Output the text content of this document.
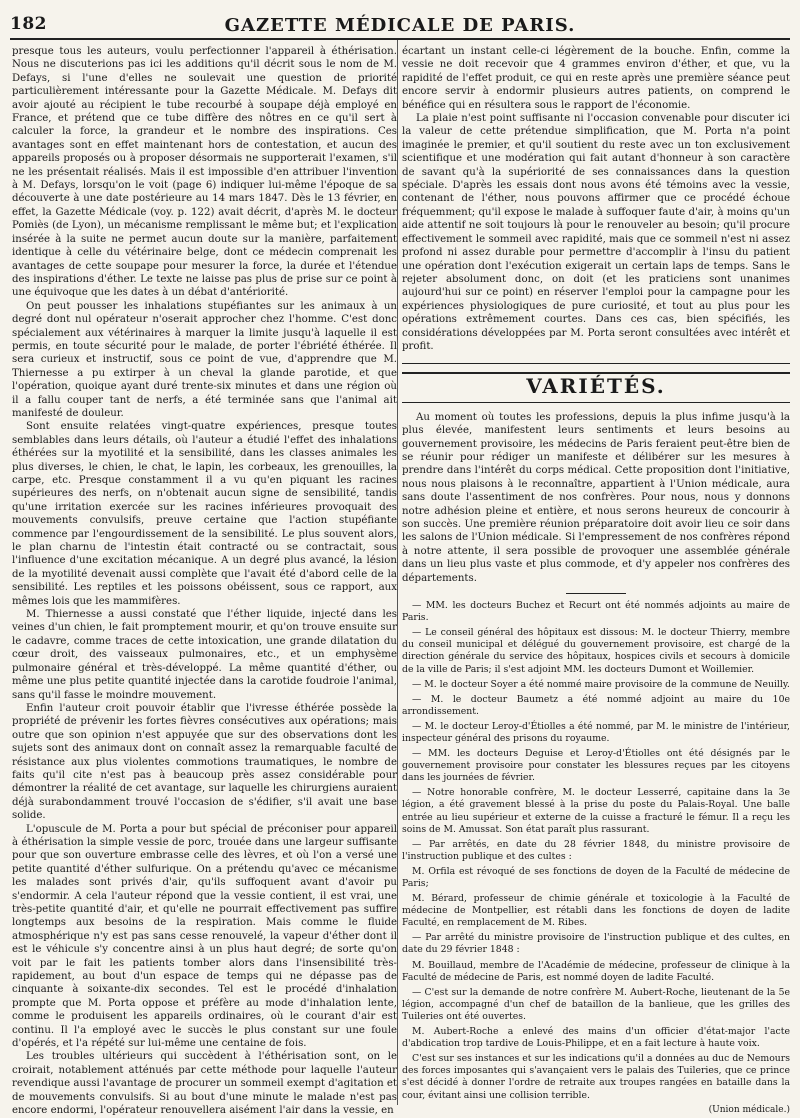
182	GAZETTE MÉDICALE DE PARIS.

presque tous les auteurs, voulu perfectionner l'appareil à éthérisation. Nous ne discuterions pas ici les additions qu'il décrit sous le nom de M. Defays, si l'une d'elles ne soulevait une question de priorité particulièrement intéressante pour la Gazette Médicale. M. Defays dit avoir ajouté au récipient le tube recourbé à soupape déjà employé en France, et prétend que ce tube diffère des nôtres en ce qu'il sert à calculer la force, la grandeur et le nombre des inspirations. Ces avantages sont en effet maintenant hors de contestation, et aucun des appareils proposés ou à proposer désormais ne supporterait l'examen, s'il ne les présentait réalisés. Mais il est impossible d'en attribuer l'invention à M. Defays, lorsqu'on le voit (page 6) indiquer lui-même l'époque de sa découverte à une date postérieure au 14 mars 1847. Dès le 13 février, en effet, la Gazette Médicale (voy. p. 122) avait décrit, d'après M. le docteur Pomiès (de Lyon), un mécanisme remplissant le même but; et l'explication insérée à la suite ne permet aucun doute sur la manière, parfaitement identique à celle du vétérinaire belge, dont ce médecin comprenait les avantages de cette soupape pour mesurer la force, la durée et l'étendue des inspirations d'éther. Le texte ne laisse pas plus de prise sur ce point à une équivoque que les dates à un débat d'antériorité.

On peut pousser les inhalations stupéfiantes sur les animaux à un degré dont nul opérateur n'oserait approcher chez l'homme. C'est donc spécialement aux vétérinaires à marquer la limite jusqu'à laquelle il est permis, en toute sécurité pour le malade, de porter l'ébriété éthérée. Il sera curieux et instructif, sous ce point de vue, d'apprendre que M. Thiernesse a pu extirper à un cheval la glande parotide, et que l'opération, quoique ayant duré trente-six minutes et dans une région où il a fallu couper tant de nerfs, a été terminée sans que l'animal ait manifesté de douleur.

Sont ensuite relatées vingt-quatre expériences, presque toutes semblables dans leurs détails, où l'auteur a étudié l'effet des inhalations éthérées sur la myotilité et la sensibilité, dans les classes animales les plus diverses, le chien, le chat, le lapin, les corbeaux, les grenouilles, la carpe, etc. Presque constamment il a vu qu'en piquant les racines supérieures des nerfs, on n'obtenait aucun signe de sensibilité, tandis qu'une irritation exercée sur les racines inférieures provoquait des mouvements convulsifs, preuve certaine que l'action stupéfiante commence par l'engourdissement de la sensibilité. Le plus souvent alors, le plan charnu de l'intestin était contracté ou se contractait, sous l'influence d'une excitation mécanique. A un degré plus avancé, la lésion de la myotilité devenait aussi complète que l'avait été d'abord celle de la sensibilité. Les reptiles et les poissons obéissent, sous ce rapport, aux mêmes lois que les mammifères.

M. Thiernesse a aussi constaté que l'éther liquide, injecté dans les veines d'un chien, le fait promptement mourir, et qu'on trouve ensuite sur le cadavre, comme traces de cette intoxication, une grande dilatation du cœur droit, des vaisseaux pulmonaires, etc., et un emphysème pulmonaire général et très-développé. La même quantité d'éther, ou même une plus petite quantité injectée dans la carotide foudroie l'animal, sans qu'il fasse le moindre mouvement.

Enfin l'auteur croit pouvoir établir que l'ivresse éthérée possède la propriété de prévenir les fortes fièvres consécutives aux opérations; mais outre que son opinion n'est appuyée que sur des observations dont les sujets sont des animaux dont on connaît assez la remarquable faculté de résistance aux plus violentes commotions traumatiques, le nombre de faits qu'il cite n'est pas à beaucoup près assez considérable pour démontrer la réalité de cet avantage, sur laquelle les chirurgiens auraient déjà surabondamment trouvé l'occasion de s'édifier, s'il avait une base solide.

L'opuscule de M. Porta a pour but spécial de préconiser pour appareil à éthérisation la simple vessie de porc, trouée dans une largeur suffisante pour que son ouverture embrasse celle des lèvres, et où l'on a versé une petite quantité d'éther sulfurique. On a prétendu qu'avec ce mécanisme les malades sont privés d'air, qu'ils suffoquent avant d'avoir pu s'endormir. A cela l'auteur répond que la vessie contient, il est vrai, une très-petite quantité d'air, et qu'elle ne pourrait effectivement pas suffire longtemps aux besoins de la respiration. Mais comme le fluide atmosphérique n'y est pas sans cesse renouvelé, la vapeur d'éther dont il est le véhicule s'y concentre ainsi à un plus haut degré; de sorte qu'on voit par le fait les patients tomber alors dans l'insensibilité très-rapidement, au bout d'un espace de temps qui ne dépasse pas de cinquante à soixante-dix secondes. Tel est le procédé d'inhalation prompte que M. Porta oppose et préfère au mode d'inhalation lente, comme le produisent les appareils ordinaires, où le courant d'air est continu. Il l'a employé avec le succès le plus constant sur une foule d'opérés, et l'a répété sur lui-même une centaine de fois.

Les troubles ultérieurs qui succèdent à l'éthérisation sont, on le croirait, notablement atténués par cette méthode pour laquelle l'auteur revendique aussi l'avantage de procurer un sommeil exempt d'agitation et de mouvements convulsifs. Si au bout d'une minute le malade n'est pas encore endormi, l'opérateur renouvellera aisément l'air dans la vessie, en

écartant un instant celle-ci légèrement de la bouche. Enfin, comme la vessie ne doit recevoir que 4 grammes environ d'éther, et que, vu la rapidité de l'effet produit, ce qui en reste après une première séance peut encore servir à endormir plusieurs autres patients, on comprend le bénéfice qui en résultera sous le rapport de l'économie.

La plaie n'est point suffisante ni l'occasion convenable pour discuter ici la valeur de cette prétendue simplification, que M. Porta n'a point imaginée le premier, et qu'il soutient du reste avec un ton exclusivement scientifique et une modération qui fait autant d'honneur à son caractère de savant qu'à la supériorité de ses connaissances dans la question spéciale. D'après les essais dont nous avons été témoins avec la vessie, contenant de l'éther, nous pouvons affirmer que ce procédé échoue fréquemment; qu'il expose le malade à suffoquer faute d'air, à moins qu'un aide attentif ne soit toujours là pour le renouveler au besoin; qu'il procure effectivement le sommeil avec rapidité, mais que ce sommeil n'est ni assez profond ni assez durable pour permettre d'accomplir à l'insu du patient une opération dont l'exécution exigerait un certain laps de temps. Sans le rejeter absolument donc, on doit (et les praticiens sont unanimes aujourd'hui sur ce point) en réserver l'emploi pour la campagne pour les expériences physiologiques de pure curiosité, et tout au plus pour les opérations extrêmement courtes. Dans ces cas, bien spécifiés, les considérations développées par M. Porta seront consultées avec intérêt et profit.

VARIÉTÉS.

Au moment où toutes les professions, depuis la plus infime jusqu'à la plus élevée, manifestent leurs sentiments et leurs besoins au gouvernement provisoire, les médecins de Paris feraient peut-être bien de se réunir pour rédiger un manifeste et délibérer sur les mesures à prendre dans l'intérêt du corps médical. Cette proposition dont l'initiative, nous nous plaisons à le reconnaître, appartient à l'Union médicale, aura sans doute l'assentiment de nos confrères. Pour nous, nous y donnons notre adhésion pleine et entière, et nous serons heureux de concourir à son succès. Une première réunion préparatoire doit avoir lieu ce soir dans les salons de l'Union médicale. Si l'empressement de nos confrères répond à notre attente, il sera possible de provoquer une assemblée générale dans un lieu plus vaste et plus commode, et d'y appeler nos confrères des départements.

— MM. les docteurs Buchez et Recurt ont été nommés adjoints au maire de Paris.

— Le conseil général des hôpitaux est dissous: M. le docteur Thierry, membre du conseil municipal et délégué du gouvernement provisoire, est chargé de la direction générale du service des hôpitaux, hospices civils et secours à domicile de la ville de Paris; il s'est adjoint MM. les docteurs Dumont et Woillemier.

— M. le docteur Soyer a été nommé maire provisoire de la commune de Neuilly.

— M. le docteur Baumetz a été nommé adjoint au maire du 10e arrondissement.

— M. le docteur Leroy-d'Étiolles a été nommé, par M. le ministre de l'intérieur, inspecteur général des prisons du royaume.

— MM. les docteurs Deguise et Leroy-d'Étiolles ont été désignés par le gouvernement provisoire pour constater les blessures reçues par les citoyens dans les journées de février.

— Notre honorable confrère, M. le docteur Lesserré, capitaine dans la 3e légion, a été gravement blessé à la prise du poste du Palais-Royal. Une balle entrée au lieu supérieur et externe de la cuisse a fracturé le fémur. Il a reçu les soins de M. Amussat. Son état paraît plus rassurant.

— Par arrêtés, en date du 28 février 1848, du ministre provisoire de l'instruction publique et des cultes :

M. Orfila est révoqué de ses fonctions de doyen de la Faculté de médecine de Paris;

M. Bérard, professeur de chimie générale et toxicologie à la Faculté de médecine de Montpellier, est rétabli dans les fonctions de doyen de ladite Faculté, en remplacement de M. Ribes.

— Par arrêté du ministre provisoire de l'instruction publique et des cultes, en date du 29 février 1848 :

M. Bouillaud, membre de l'Académie de médecine, professeur de clinique à la Faculté de médecine de Paris, est nommé doyen de ladite Faculté.

— C'est sur la demande de notre confrère M. Aubert-Roche, lieutenant de la 5e légion, accompagné d'un chef de bataillon de la banlieue, que les grilles des Tuileries ont été ouvertes.

M. Aubert-Roche a enlevé des mains d'un officier d'état-major l'acte d'abdication trop tardive de Louis-Philippe, et en a fait lecture à haute voix.

C'est sur ses instances et sur les indications qu'il a données au duc de Nemours des forces imposantes qui s'avançaient vers le palais des Tuileries, que ce prince s'est décidé à donner l'ordre de retraite aux troupes rangées en bataille dans la cour, évitant ainsi une collision terrible.

(Union médicale.)
